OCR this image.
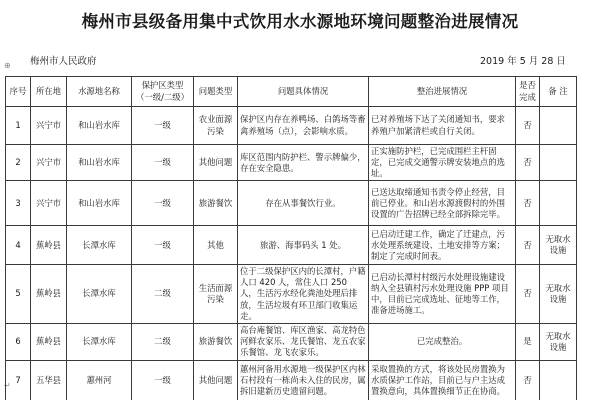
梅州市县级备用集中式饮用水水源地环境问题整治进展情况
梅州市人民政府	2019 年 5 月 28 日
⊕
↵
序号	所在地	水源地名称	保护区类型（一级/二级）	问题类型	问题具体情况	整治进展情况	是否完成	备 注
1	兴宁市	和山岩水库	一级	农业面源污染	保护区内存在养鸭场、白鸽场等畜禽养殖场（点），会影响水质。	已对养殖场下达了关闭通知书，要求养殖户加紧清栏或自行关闭。	否	
2	兴宁市	和山岩水库	一级	其他问题	库区范围内防护栏、警示牌偏少，存在安全隐患。	正实施防护栏，已完成围栏主杆固定，已完成交通警示牌安装地点的选址。	否	
3	兴宁市	和山岩水库	一级	旅游餐饮	存在从事餐饮行业。	已送达取缔通知书责令停止经营，目前已停业。和山岩水源渡假村的外围设置的广告招牌已经全部拆除完毕。	否	
4	蕉岭县	长潭水库	一级	其他	旅游、海事码头 1 处。	已启动迁建工作，确定了迁建点，污水处理系统建设、土地安排等方案；制定了完成时间表。	否	无取水设施
5	蕉岭县	长潭水库	二级	生活面源污染	位于二级保护区内的长潭村，户籍人口 420 人，常住人口 250 人，生活污水经化粪池处理后排放，生活垃圾有环卫部门收集运走。	已启动长潭村村级污水处理设施建设纳入全县镇村污水处理设施 PPP 项目中，目前已完成选址、征地等工作，准备进场施工。	否	无取水设施
6	蕉岭县	长潭水库	二级	旅游餐饮	高台庵餐馆、库区渔家、高龙特色河鲜农家乐、龙氏餐馆、龙五农家乐餐馆、龙飞农家乐。	已完成整治。	是	无取水设施
7	五华县	蕙州河	一级	其他问题	蕙州河备用水源地一级保护区内林石村段有一栋尚未入住的民房，属拆旧建新历史遗留问题。	采取置换的方式，将该处民房置换为水质保护工作站，目前已与户主达成置换意向，具体置换细节正在协商。	否	
